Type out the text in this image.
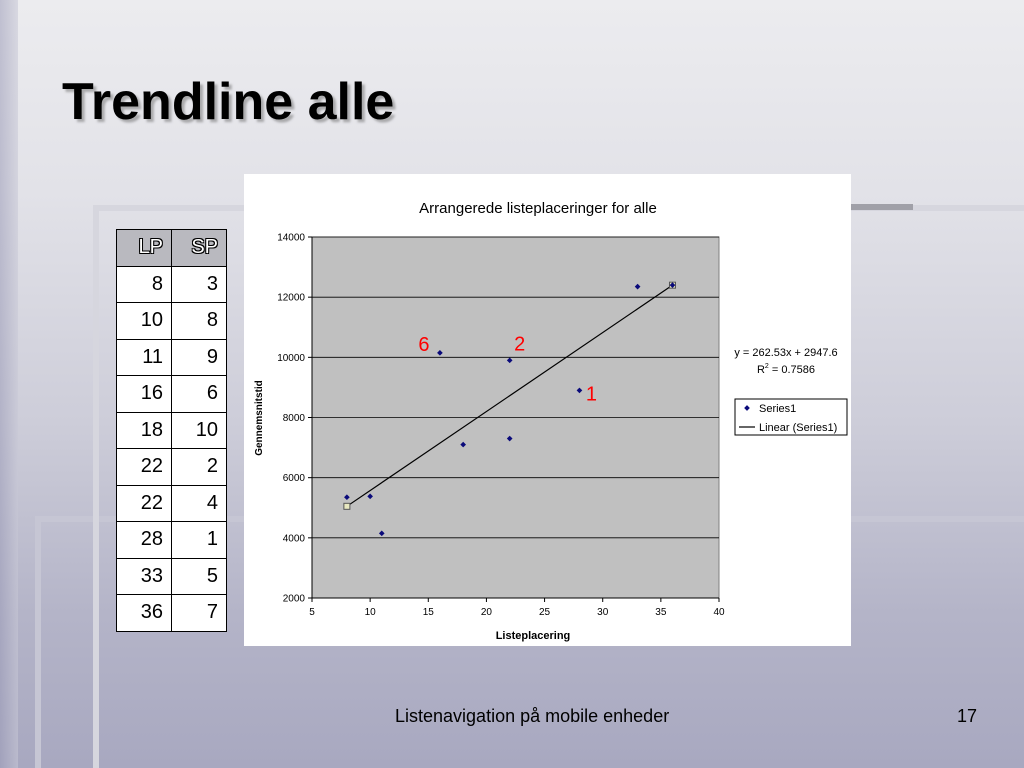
Trendline alle
LP	SP
8	3
10	8
11	9
16	6
18	10
22	2
22	4
28	1
33	5
36	7
Arrangerede listeplaceringer for alle
2000
4000
6000
8000
10000
12000
14000
5	10	15	20	25	30	35	40
6	2
1
Listeplacering
Gennemsnitstid
y = 262.53x + 2947.6
$R^2 = 0.7586$
Series1
Linear (Series1)
Listenavigation på mobile enheder	17
